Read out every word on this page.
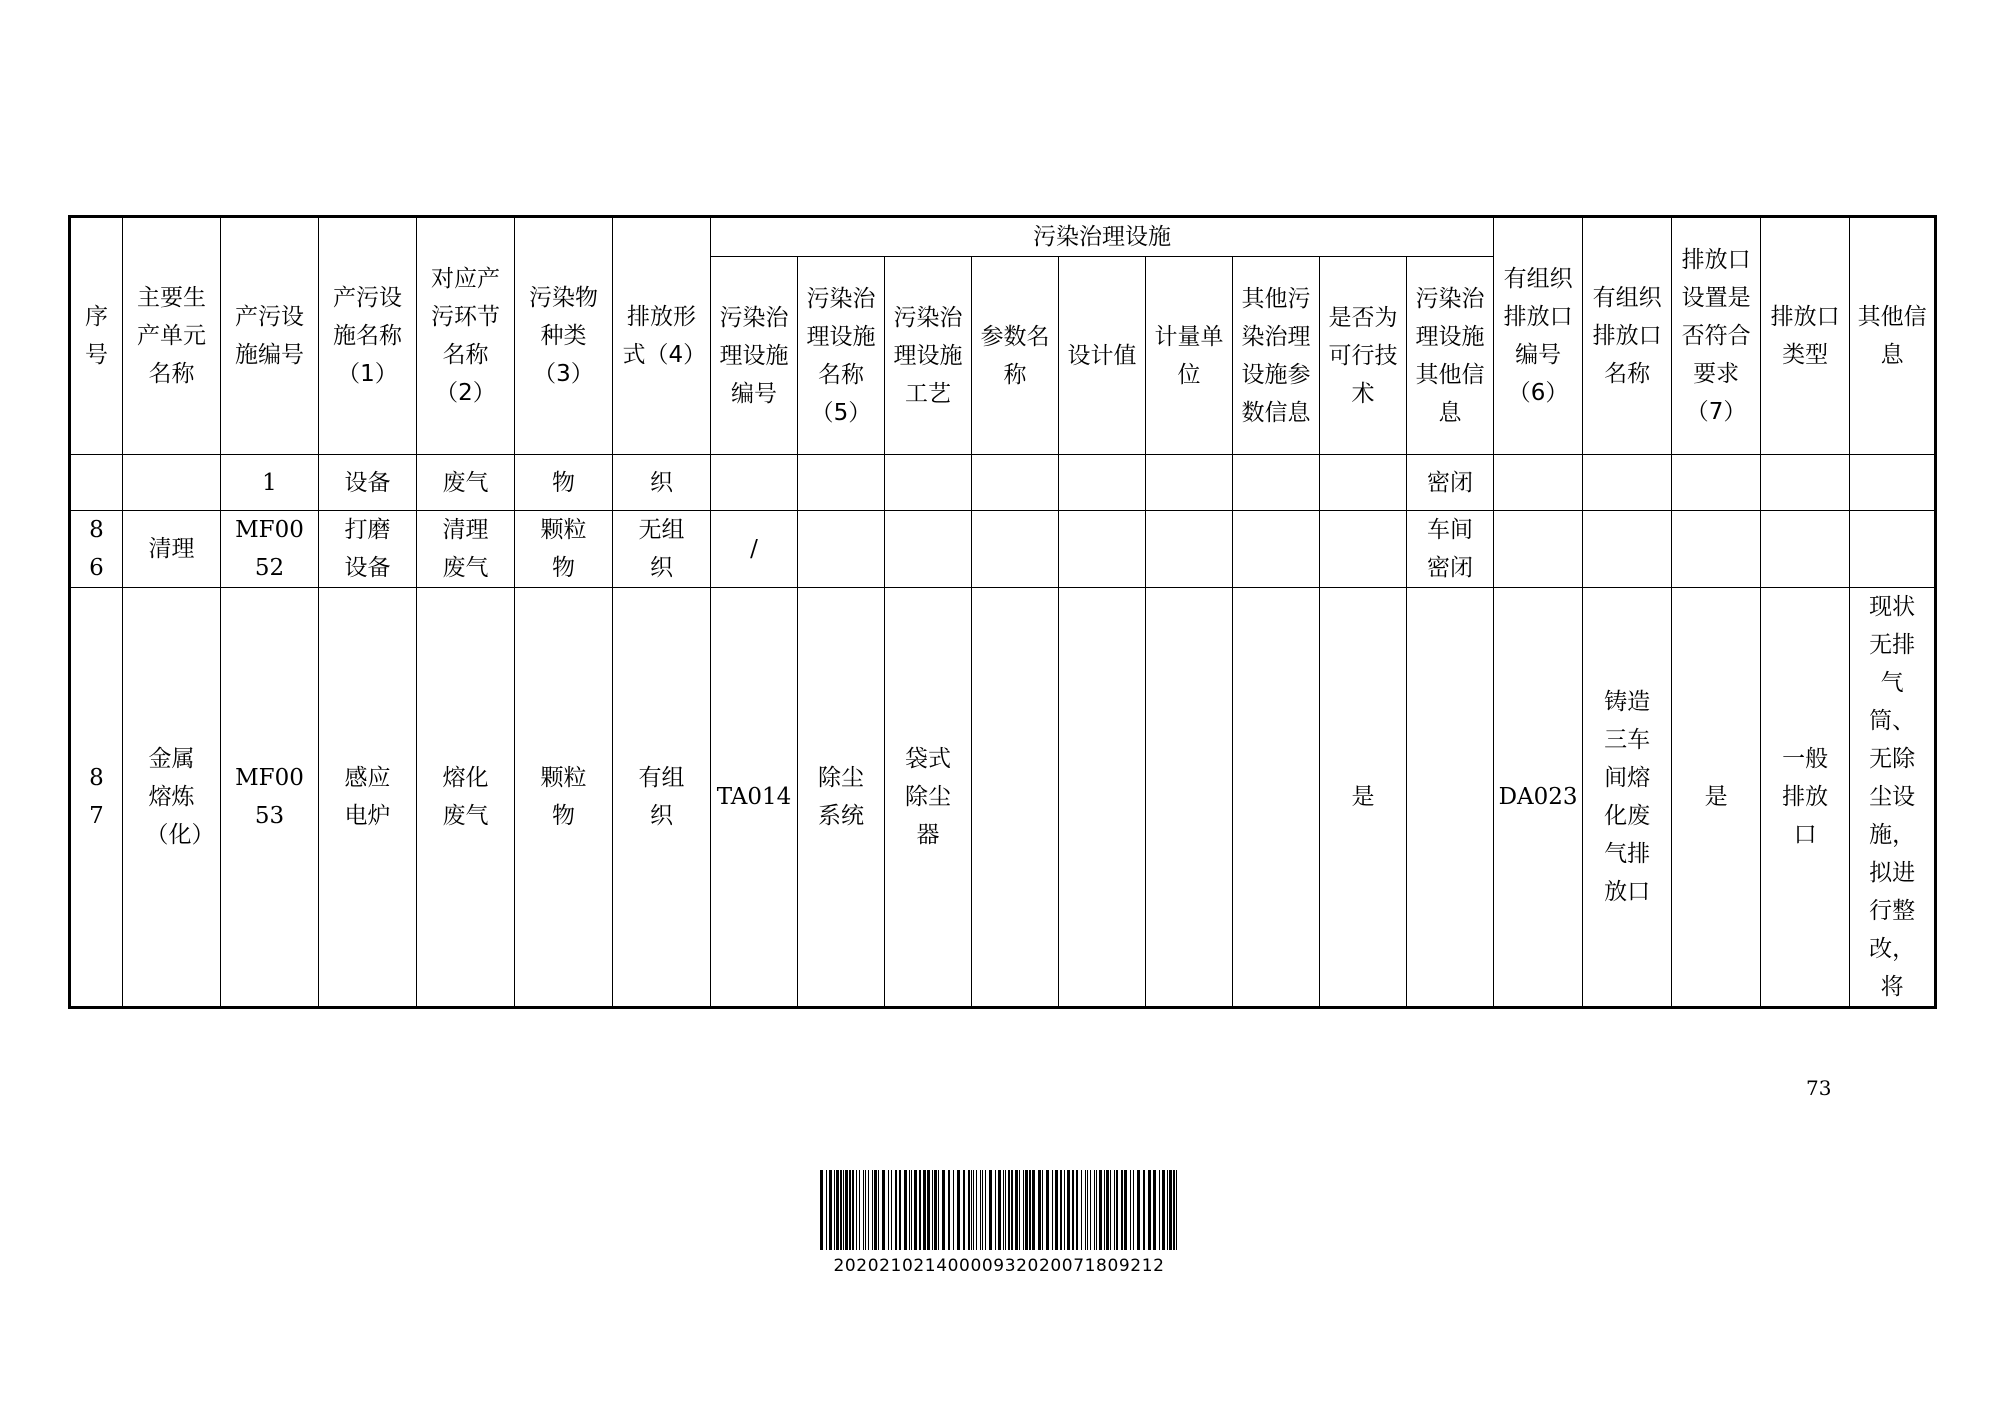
序号	主要生产单元名称	产污设施编号	产污设施名称（1）	对应产污环节名称（2）	污染物种类（3）	排放形式（4）	污染治理设施									有组织排放口编号（6）	有组织排放口名称	排放口设置是否符合要求（7）	排放口类型	其他信息

							污染治理设施编号	污染治理设施名称（5）	污染治理设施工艺	参数名称	设计值	计量单位	其他污染治理设施参数信息	是否为可行技术	污染治理设施其他信息					

		1	设备	废气	物	织									密闭					

86	清理	MF0052	打磨设备	清理废气	颗粒物	无组织	/								车间密闭					

87	金属熔炼（化）	MF0053	感应电炉	熔化废气	颗粒物	有组织	TA014	除尘系统	袋式除尘器					是		DA023	铸造三车间熔化废气排放口	是	一般排放口	现状无排气筒、无除尘设施，拟进行整改，将
73
20202102140000932020071809212
